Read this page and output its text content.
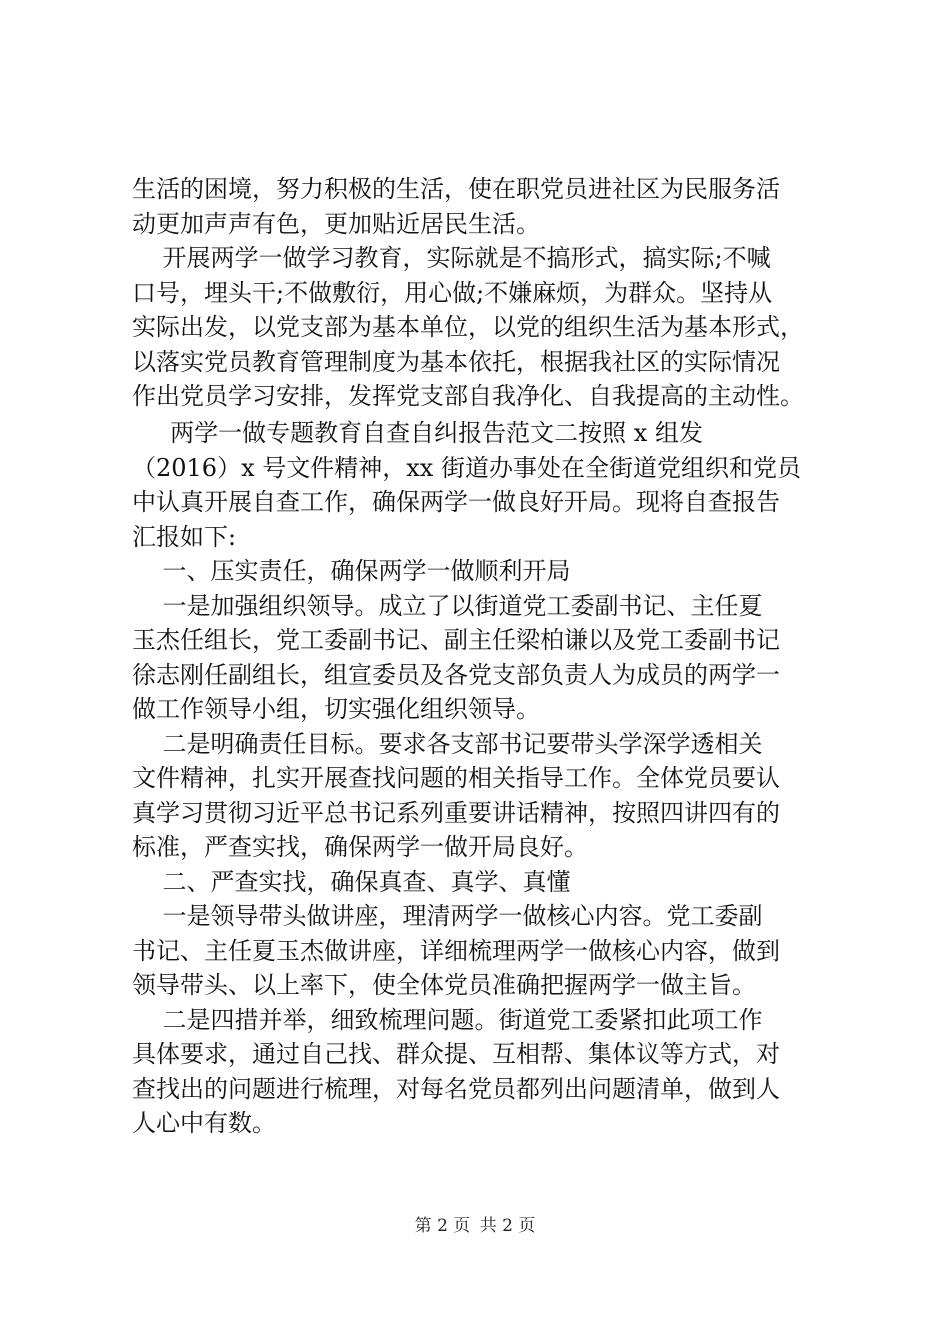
生活的困境，努力积极的生活，使在职党员进社区为民服务活
动更加声声有色，更加贴近居民生活。
开展两学一做学习教育，实际就是不搞形式，搞实际;不喊
口号，埋头干;不做敷衍，用心做;不嫌麻烦，为群众。坚持从
实际出发，以党支部为基本单位，以党的组织生活为基本形式，
以落实党员教育管理制度为基本依托，根据我社区的实际情况
作出党员学习安排，发挥党支部自我净化、自我提高的主动性。
两学一做专题教育自查自纠报告范文二按照 x 组发
（2016）x 号文件精神，xx 街道办事处在全街道党组织和党员
中认真开展自查工作，确保两学一做良好开局。现将自查报告
汇报如下:
一、压实责任，确保两学一做顺利开局
一是加强组织领导。成立了以街道党工委副书记、主任夏
玉杰任组长，党工委副书记、副主任梁柏谦以及党工委副书记
徐志刚任副组长，组宣委员及各党支部负责人为成员的两学一
做工作领导小组，切实强化组织领导。
二是明确责任目标。要求各支部书记要带头学深学透相关
文件精神，扎实开展查找问题的相关指导工作。全体党员要认
真学习贯彻习近平总书记系列重要讲话精神，按照四讲四有的
标准，严查实找，确保两学一做开局良好。
二、严查实找，确保真查、真学、真懂
一是领导带头做讲座，理清两学一做核心内容。党工委副
书记、主任夏玉杰做讲座，详细梳理两学一做核心内容，做到
领导带头、以上率下，使全体党员准确把握两学一做主旨。
二是四措并举，细致梳理问题。街道党工委紧扣此项工作
具体要求，通过自己找、群众提、互相帮、集体议等方式，对
查找出的问题进行梳理，对每名党员都列出问题清单，做到人
人心中有数。
第 2 页 共 2 页
